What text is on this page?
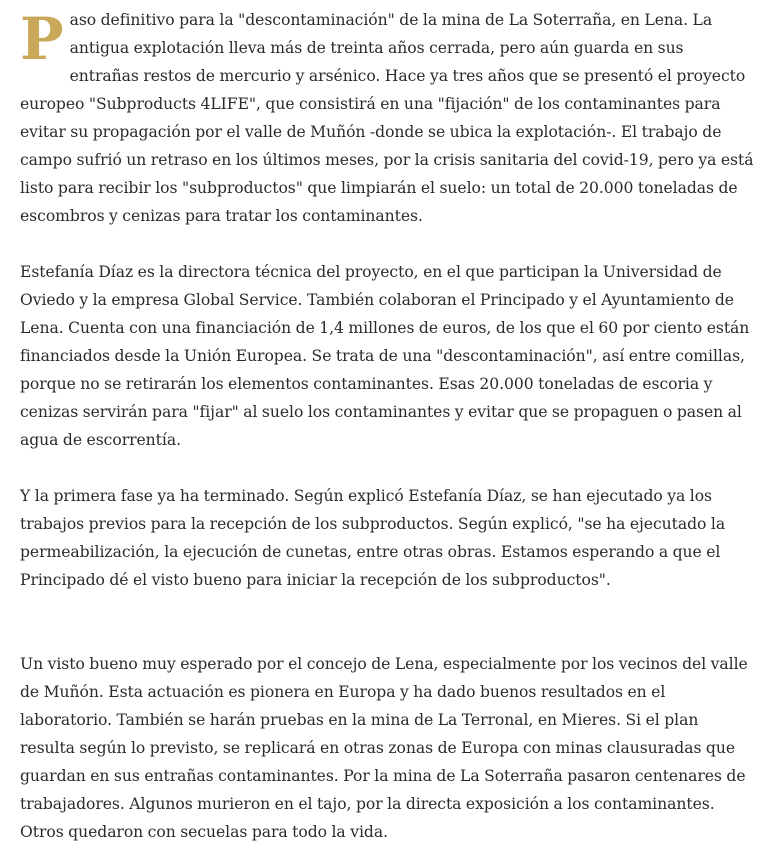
Paso definitivo para la "descontaminación" de la mina de La Soterraña, en Lena. La antigua explotación lleva más de treinta años cerrada, pero aún guarda en sus entrañas restos de mercurio y arsénico. Hace ya tres años que se presentó el proyecto europeo "Subproducts 4LIFE", que consistirá en una "fijación" de los contaminantes para evitar su propagación por el valle de Muñón -donde se ubica la explotación-. El trabajo de campo sufrió un retraso en los últimos meses, por la crisis sanitaria del covid-19, pero ya está listo para recibir los "subproductos" que limpiarán el suelo: un total de 20.000 toneladas de escombros y cenizas para tratar los contaminantes.

Estefanía Díaz es la directora técnica del proyecto, en el que participan la Universidad de Oviedo y la empresa Global Service. También colaboran el Principado y el Ayuntamiento de Lena. Cuenta con una financiación de 1,4 millones de euros, de los que el 60 por ciento están financiados desde la Unión Europea. Se trata de una "descontaminación", así entre comillas, porque no se retirarán los elementos contaminantes. Esas 20.000 toneladas de escoria y cenizas servirán para "fijar" al suelo los contaminantes y evitar que se propaguen o pasen al agua de escorrentía.

Y la primera fase ya ha terminado. Según explicó Estefanía Díaz, se han ejecutado ya los trabajos previos para la recepción de los subproductos. Según explicó, "se ha ejecutado la permeabilización, la ejecución de cunetas, entre otras obras. Estamos esperando a que el Principado dé el visto bueno para iniciar la recepción de los subproductos".

Un visto bueno muy esperado por el concejo de Lena, especialmente por los vecinos del valle de Muñón. Esta actuación es pionera en Europa y ha dado buenos resultados en el laboratorio. También se harán pruebas en la mina de La Terronal, en Mieres. Si el plan resulta según lo previsto, se replicará en otras zonas de Europa con minas clausuradas que guardan en sus entrañas contaminantes. Por la mina de La Soterraña pasaron centenares de trabajadores. Algunos murieron en el tajo, por la directa exposición a los contaminantes. Otros quedaron con secuelas para todo la vida.
